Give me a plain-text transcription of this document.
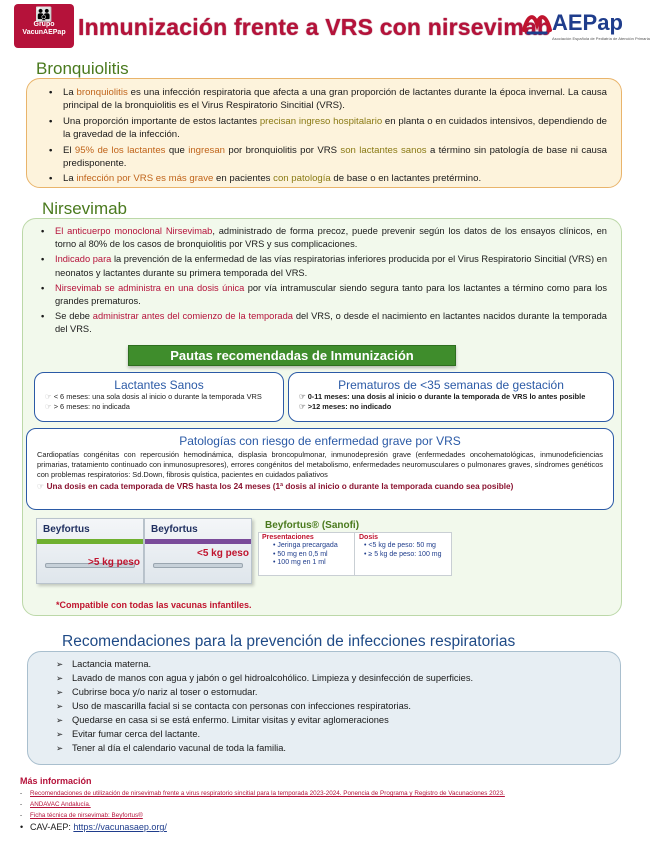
👪
Grupo
VacunAEPap Inmunización frente a VRS con nirsevimab AEPap
Asociación Española de Pediatría de Atención Primaria
Bronquiolitis
• La bronquiolitis es una infección respiratoria que afecta a una gran proporción de lactantes durante la época invernal. La causa principal de la bronquiolitis es el Virus Respiratorio Sincitial (VRS).
• Una proporción importante de estos lactantes precisan ingreso hospitalario en planta o en cuidados intensivos, dependiendo de la gravedad de la infección.
• El 95% de los lactantes que ingresan por bronquiolitis por VRS son lactantes sanos a término sin patología de base ni causa predisponente.
• La infección por VRS es más grave en pacientes con patología de base o en lactantes pretérmino.
Nirsevimab
• El anticuerpo monoclonal Nirsevimab, administrado de forma precoz, puede prevenir según los datos de los ensayos clínicos, en torno al 80% de los casos de bronquiolitis por VRS y sus complicaciones.
• Indicado para la prevención de la enfermedad de las vías respiratorias inferiores producida por el Virus Respiratorio Sincitial (VRS) en neonatos y lactantes durante su primera temporada del VRS.
• Nirsevimab se administra en una dosis única por vía intramuscular siendo segura tanto para los lactantes a término como para los grandes prematuros.
• Se debe administrar antes del comienzo de la temporada del VRS, o desde el nacimiento en lactantes nacidos durante la temporada del VRS.
Pautas recomendadas de Inmunización
Lactantes Sanos
☞ < 6 meses: una sola dosis al inicio o durante la temporada VRS
☞ > 6 meses: no indicada
Prematuros de <35 semanas de gestación
☞ 0-11 meses: una dosis al inicio o durante la temporada de VRS lo antes posible
☞ >12 meses: no indicado
Patologías con riesgo de enfermedad grave por VRS
Cardiopatías congénitas con repercusión hemodinámica, displasia broncopulmonar, inmunodepresión grave (enfermedades oncohematológicas, inmunodeficiencias primarias, tratamiento continuado con inmunosupresores), errores congénitos del metabolismo, enfermedades neuromusculares o pulmonares graves, síndromes genéticos con problemas respiratorios: Sd.Down, fibrosis quística, pacientes en cuidados paliativos
☞ Una dosis en cada temporada de VRS hasta los 24 meses (1ª dosis al inicio o durante la temporada cuando sea posible)
Beyfortus	Beyfortus
>5 kg peso
<5 kg peso
Beyfortus® (Sanofi)
Presentaciones
• Jeringa precargada
• 50 mg en 0,5 ml
• 100 mg en 1 ml
Dosis
• <5 kg de peso: 50 mg
• ≥ 5 kg de peso: 100 mg
*Compatible con todas las vacunas infantiles.
Recomendaciones para la prevención de infecciones respiratorias
➢ Lactancia materna.
➢ Lavado de manos con agua y jabón o gel hidroalcohólico. Limpieza y desinfección de superficies.
➢ Cubrirse boca y/o nariz al toser o estornudar.
➢ Uso de mascarilla facial si se contacta con personas con infecciones respiratorias.
➢ Quedarse en casa si se está enfermo. Limitar visitas y evitar aglomeraciones
➢ Evitar fumar cerca del lactante.
➢ Tener al día el calendario vacunal de toda la familia.
Más información
- Recomendaciones de utilización de nirsevimab frente a virus respiratorio sincitial para la temporada 2023-2024. Ponencia de Programa y Registro de Vacunaciones 2023.
- ANDAVAC Andalucía.
- Ficha técnica de nirsevimab: Beyfortus®
• CAV-AEP: https://vacunasaep.org/
